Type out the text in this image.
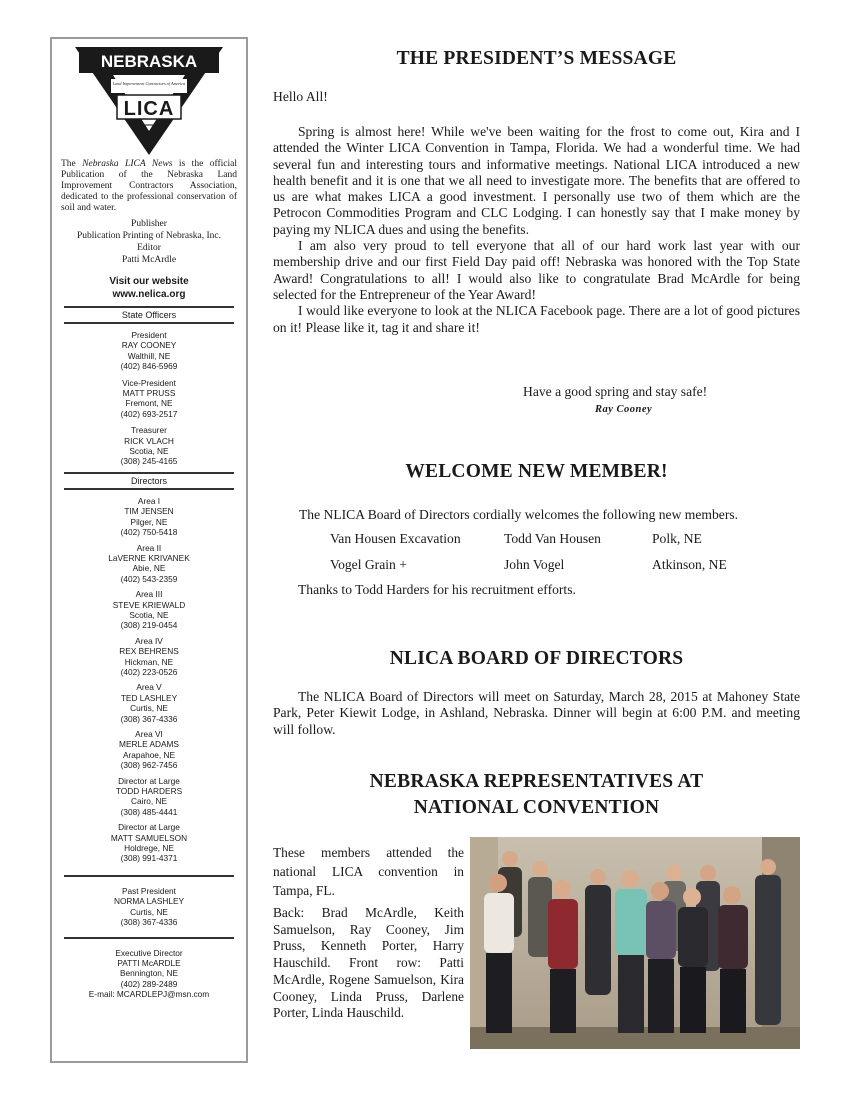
NEBRASKA
Land Improvement Contractors of America
LICA
The Nebraska LICA News is the official Publication of the Nebraska Land Improvement Contractors Association, dedicated to the professional conservation of soil and water.
Publisher
Publication Printing of Nebraska, Inc.
Editor
Patti McArdle
Visit our website
www.nelica.org
State Officers
President
RAY COONEY
Walthill, NE
(402) 846-5969
Vice-President
MATT PRUSS
Fremont, NE
(402) 693-2517
Treasurer
RICK VLACH
Scotia, NE
(308) 245-4165
Directors
Area I
TIM JENSEN
Pilger, NE
(402) 750-5418
Area II
LaVERNE KRIVANEK
Abie, NE
(402) 543-2359
Area III
STEVE KRIEWALD
Scotia, NE
(308) 219-0454
Area IV
REX BEHRENS
Hickman, NE
(402) 223-0526
Area V
TED LASHLEY
Curtis, NE
(308) 367-4336
Area VI
MERLE ADAMS
Arapahoe, NE
(308) 962-7456
Director at Large
TODD HARDERS
Cairo, NE
(308) 485-4441
Director at Large
MATT SAMUELSON
Holdrege, NE
(308) 991-4371
Past President
NORMA LASHLEY
Curtis, NE
(308) 367-4336
Executive Director
PATTI McARDLE
Bennington, NE
(402) 289-2489
E-mail: MCARDLEPJ@msn.com
THE PRESIDENT’S MESSAGE
Hello All!
Spring is almost here! While we've been waiting for the frost to come out, Kira and I attended the Winter LICA Convention in Tampa, Florida. We had a wonderful time. We had several fun and interesting tours and informative meetings. National LICA introduced a new health benefit and it is one that we all need to investigate more. The benefits that are offered to us are what makes LICA a good investment. I personally use two of them which are the Petrocon Commodities Program and CLC Lodging. I can honestly say that I make money by paying my NLICA dues and using the benefits.
I am also very proud to tell everyone that all of our hard work last year with our membership drive and our first Field Day paid off! Nebraska was honored with the Top State Award! Congratulations to all! I would also like to congratulate Brad McArdle for being selected for the Entrepreneur of the Year Award!
I would like everyone to look at the NLICA Facebook page. There are a lot of good pictures on it! Please like it, tag it and share it!
Have a good spring and stay safe!
Ray Cooney
WELCOME NEW MEMBER!
The NLICA Board of Directors cordially welcomes the following new members.
Van Housen Excavation	Todd Van Housen	Polk, NE
Vogel Grain +	John Vogel	Atkinson, NE
Thanks to Todd Harders for his recruitment efforts.
NLICA BOARD OF DIRECTORS
The NLICA Board of Directors will meet on Saturday, March 28, 2015 at Mahoney State Park, Peter Kiewit Lodge, in Ashland, Nebraska. Dinner will begin at 6:00 P.M. and meeting will follow.
NEBRASKA REPRESENTATIVES AT
NATIONAL CONVENTION
These members attended the national LICA convention in Tampa, FL.
Back: Brad McArdle, Keith Samuelson, Ray Cooney, Jim Pruss, Kenneth Porter, Harry Hauschild. Front row: Patti McArdle, Rogene Samuelson, Kira Cooney, Linda Pruss, Darlene Porter, Linda Hauschild.
